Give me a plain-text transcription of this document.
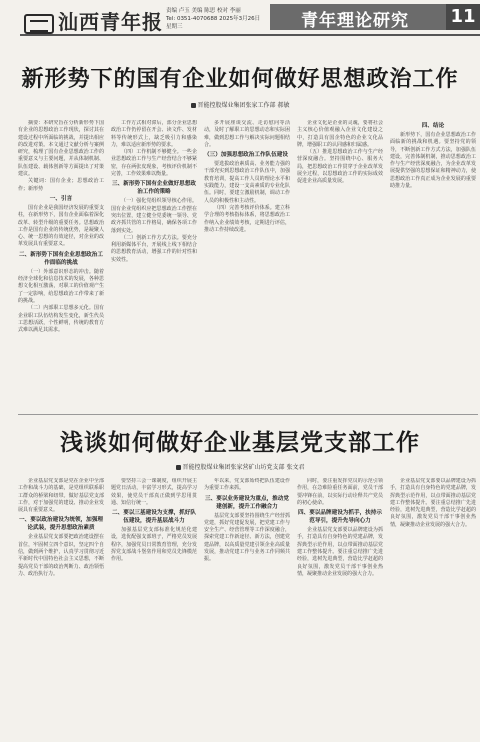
汕西青年报 责编 卢玉 美编 陈思 校对 李丽
Tel: 0351-4070688 2025年3月26日 星期三	青年理论研究	11
新形势下的国有企业如何做好思想政治工作
晋能控股煤业集团张家工作部 郝敏

摘要：本研究旨在分析新形势下国有企业的思想政治工作现状，探讨其在建设过程中所面临的挑战，并提出相应的改进对策。本文通过文献分析与案例研究，梳理了国有企业思想政治工作的重要意义与主要问题，并从体制机制、队伍建设、载体创新等方面提出了对策建议。

关键词：国有企业；思想政治工作；新形势

一、引言

国有企业是我国经济发展的重要支柱，在新形势下，国有企业面临着深化改革、转型升级的重要任务。思想政治工作是国有企业的传统优势，是凝聚人心、统一思想的有效途径，对企业的改革发展具有重要意义。

二、新形势下国有企业思想政治工作面临的挑战

（一）外部意识形态的冲击。随着经济全球化和信息技术的发展，各种思想文化相互激荡，对职工的价值观产生了一定影响，给思想政治工作带来了新的挑战。

（二）内部职工思想多元化。国有企业职工队伍结构发生变化，新生代员工思想活跃，个性鲜明，传统的教育方式难以满足其需求。

工作方式相对滞后，部分企业思想政治工作仍停留在开会、读文件、发材料等传统形式上，缺乏吸引力和感染力，难以适应新形势的要求。

（四）工作机制不够健全。一些企业思想政治工作与生产经营结合不够紧密，存在两张皮现象，考核评价机制不完善，工作效果难以衡量。

三、新形势下国有企业做好思想政治工作的策略

（一）强化党组织领导核心作用。国有企业党组织应把思想政治工作摆在突出位置，建立健全党委统一领导、党政齐抓共管的工作格局，确保各项工作落到实处。

（二）创新工作方式方法。要充分利用新媒体平台，开展线上线下相结合的思想教育活动，增强工作的针对性和实效性。

多开展座谈交流、走访慰问等活动，及时了解职工的思想动态和实际困难，做到思想工作与解决实际问题相结合。

（三）加强思想政治工作队伍建设

要选拔政治素质高、业务能力强的干部充实到思想政治工作队伍中，加强教育培训，提高工作人员的理论水平和实践能力，建设一支高素质的专业化队伍。同时，要建立激励机制，调动工作人员的积极性和主动性。

（四）完善考核评价体系。建立科学合理的考核指标体系，将思想政治工作纳入企业绩效考核，定期进行评估，推动工作持续改进。

企业文化是企业的灵魂，要将社会主义核心价值观融入企业文化建设之中，打造具有国企特色的企业文化品牌，增强职工的认同感和归属感。

（五）推进思想政治工作与生产经营深度融合。坚持围绕中心、服务大局，把思想政治工作贯穿于企业改革发展全过程，以思想政治工作的实际成效促进企业高质量发展。

四、结论

新形势下，国有企业思想政治工作面临新的挑战和机遇。要坚持党的领导，不断创新工作方式方法，加强队伍建设，完善体制机制，推动思想政治工作与生产经营深度融合，为企业改革发展提供坚强的思想保证和精神动力，使思想政治工作真正成为企业发展的重要助推力量。

浅谈如何做好企业基层党支部工作
晋能控股煤业集团张家营矿山坊党支部 张文君

企业基层党支部是党在企业中全部工作和战斗力的基础，是党组织联系职工群众的桥梁和纽带。做好基层党支部工作，对于加强党的建设、推动企业发展具有重要意义。

一、要以政治建设为统领，加强理论武装，提升思想政治素质

企业基层党支部要把政治建设摆在首位，牢固树立四个意识，坚定四个自信，做到两个维护，认真学习贯彻习近平新时代中国特色社会主义思想，不断提高党员干部的政治判断力、政治领悟力、政治执行力。

要坚持三会一课制度，组织开展主题党日活动，丰富学习形式，提高学习效果，使党员干部真正做到学思用贯通、知信行统一。

二、要以三基建设为支撑，抓好队伍建设，提升基层战斗力

加强基层党支部标准化规范化建设，选优配强支部班子，严格党员发展程序，加强党员日常教育管理，充分发挥党支部战斗堡垒作用和党员先锋模范作用。

年以来，党支部始终把队伍建设作为重要工作来抓。

三、要以业务建设为重点，推动党建创新，提升工作融合力

基层党支部要坚持围绕生产经营抓党建，抓好党建促发展，把党建工作与安全生产、经营管理等工作深度融合，探索党建工作新途径、新方法，创建党建品牌，以高质量党建引领企业高质量发展，推动党建工作与业务工作同频共振。

同时，要注重发挥党员的示范引领作用，在急难险重任务面前，党员干部要冲锋在前，以实际行动诠释共产党员的初心使命。

四、要以品牌建设为抓手，扶持示范导引，提升先导向心力

企业基层党支部要以品牌建设为抓手，打造具有自身特色的党建品牌，发挥典型示范作用，以点带面推动基层党建工作整体提升。要注重总结推广先进经验，选树先进典型，营造比学赶超的良好氛围，激发党员干部干事创业热情，凝聚推动企业发展的强大合力。

企业基层党支部要以品牌建设为抓手，打造具有自身特色的党建品牌，发挥典型示范作用，以点带面推动基层党建工作整体提升。要注重总结推广先进经验，选树先进典型，营造比学赶超的良好氛围，激发党员干部干事创业热情，凝聚推动企业发展的强大合力。
